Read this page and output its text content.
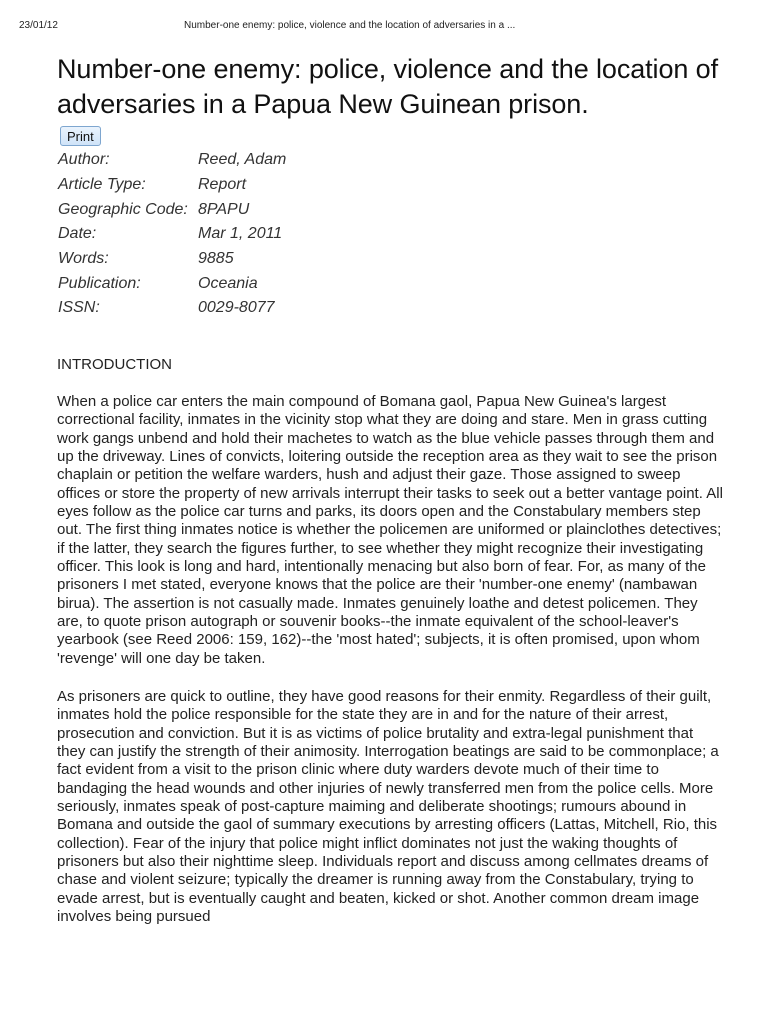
23/01/12	Number-one enemy: police, violence and the location of adversaries in a ...
Number-one enemy: police, violence and the location of adversaries in a Papua New Guinean prison.
Print
Author:	Reed, Adam
Article Type:	Report
Geographic Code:	8PAPU
Date:	Mar 1, 2011
Words:	9885
Publication:	Oceania
ISSN:	0029-8077
INTRODUCTION

When a police car enters the main compound of Bomana gaol, Papua New Guinea's largest correctional facility, inmates in the vicinity stop what they are doing and stare. Men in grass cutting work gangs unbend and hold their machetes to watch as the blue vehicle passes through them and up the driveway. Lines of convicts, loitering outside the reception area as they wait to see the prison chaplain or petition the welfare warders, hush and adjust their gaze. Those assigned to sweep offices or store the property of new arrivals interrupt their tasks to seek out a better vantage point. All eyes follow as the police car turns and parks, its doors open and the Constabulary members step out. The first thing inmates notice is whether the policemen are uniformed or plainclothes detectives; if the latter, they search the figures further, to see whether they might recognize their investigating officer. This look is long and hard, intentionally menacing but also born of fear. For, as many of the prisoners I met stated, everyone knows that the police are their 'number-one enemy' (nambawan birua). The assertion is not casually made. Inmates genuinely loathe and detest policemen. They are, to quote prison autograph or souvenir books--the inmate equivalent of the school-leaver's yearbook (see Reed 2006: 159, 162)--the 'most hated'; subjects, it is often promised, upon whom 'revenge' will one day be taken.

As prisoners are quick to outline, they have good reasons for their enmity. Regardless of their guilt, inmates hold the police responsible for the state they are in and for the nature of their arrest, prosecution and conviction. But it is as victims of police brutality and extra-legal punishment that they can justify the strength of their animosity. Interrogation beatings are said to be commonplace; a fact evident from a visit to the prison clinic where duty warders devote much of their time to bandaging the head wounds and other injuries of newly transferred men from the police cells. More seriously, inmates speak of post-capture maiming and deliberate shootings; rumours abound in Bomana and outside the gaol of summary executions by arresting officers (Lattas, Mitchell, Rio, this collection). Fear of the injury that police might inflict dominates not just the waking thoughts of prisoners but also their nighttime sleep. Individuals report and discuss among cellmates dreams of chase and violent seizure; typically the dreamer is running away from the Constabulary, trying to evade arrest, but is eventually caught and beaten, kicked or shot. Another common dream image involves being pursued
